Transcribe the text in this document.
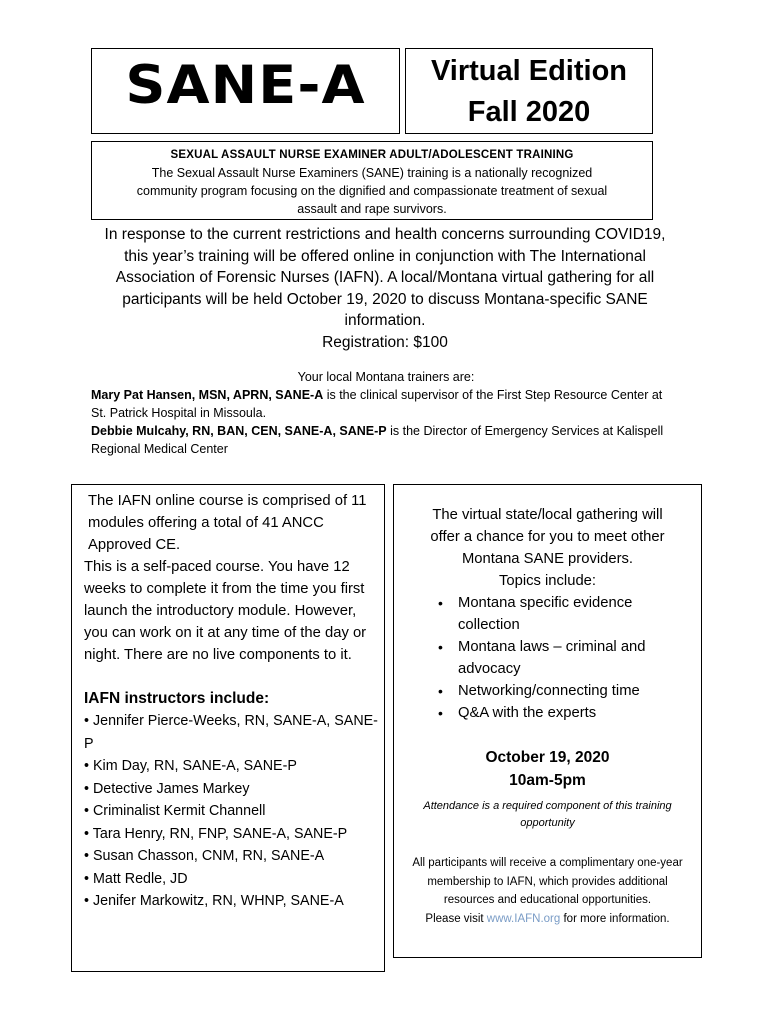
SANE-A	Virtual Edition
Fall 2020
SEXUAL ASSAULT NURSE EXAMINER ADULT/ADOLESCENT TRAINING
The Sexual Assault Nurse Examiners (SANE) training is a nationally recognized community program focusing on the dignified and compassionate treatment of sexual assault and rape survivors.
In response to the current restrictions and health concerns surrounding COVID19, this year’s training will be offered online in conjunction with The International Association of Forensic Nurses (IAFN). A local/Montana virtual gathering for all participants will be held October 19, 2020 to discuss Montana-specific SANE information.
Registration: $100
Your local Montana trainers are:
Mary Pat Hansen, MSN, APRN, SANE-A is the clinical supervisor of the First Step Resource Center at St. Patrick Hospital in Missoula.
Debbie Mulcahy, RN, BAN, CEN, SANE-A, SANE-P is the Director of Emergency Services at Kalispell Regional Medical Center

The IAFN online course is comprised of 11 modules offering a total of 41 ANCC Approved CE.

This is a self-paced course. You have 12 weeks to complete it from the time you first launch the introductory module. However, you can work on it at any time of the day or night. There are no live components to it.

IAFN instructors include:
• Jennifer Pierce-Weeks, RN, SANE-A, SANE-P
• Kim Day, RN, SANE-A, SANE-P
• Detective James Markey
• Criminalist Kermit Channell
• Tara Henry, RN, FNP, SANE-A, SANE-P
• Susan Chasson, CNM, RN, SANE-A
• Matt Redle, JD
• Jenifer Markowitz, RN, WHNP, SANE-A
The virtual state/local gathering will offer a chance for you to meet other Montana SANE providers.
Topics include:
• Montana specific evidence collection
• Montana laws – criminal and advocacy
• Networking/connecting time
• Q&A with the experts
October 19, 2020
10am-5pm
Attendance is a required component of this training opportunity
All participants will receive a complimentary one-year membership to IAFN, which provides additional resources and educational opportunities.
Please visit www.IAFN.org for more information.
